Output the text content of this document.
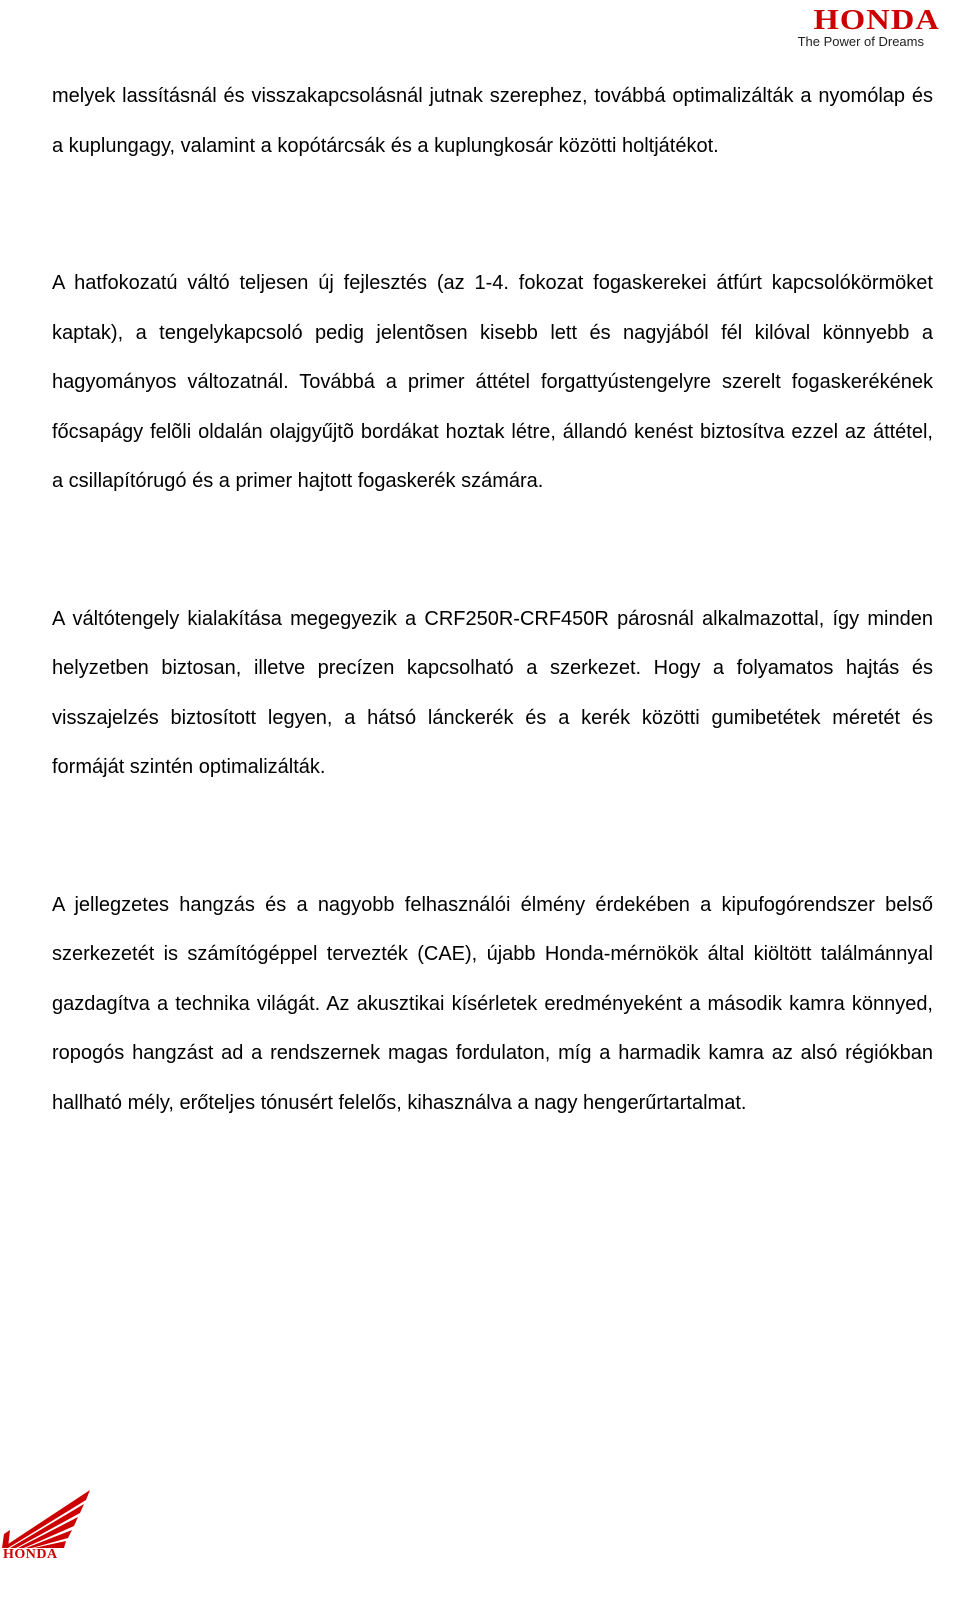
HONDA
The Power of Dreams

melyek lassításnál és visszakapcsolásnál jutnak szerephez, továbbá optimalizálták a nyomólap és a kuplungagy, valamint a kopótárcsák és a kuplungkosár közötti holtjátékot.

A hatfokozatú váltó teljesen új fejlesztés (az 1-4. fokozat fogaskerekei átfúrt kapcsolókörmöket kaptak), a tengelykapcsoló pedig jelentõsen kisebb lett és nagyjából fél kilóval könnyebb a hagyományos változatnál. Továbbá a primer áttétel forgattyústengelyre szerelt fogaskerékének főcsapágy felõli oldalán olajgyűjtõ bordákat hoztak létre, állandó kenést biztosítva ezzel az áttétel, a csillapítórugó és a primer hajtott fogaskerék számára.

A váltótengely kialakítása megegyezik a CRF250R-CRF450R párosnál alkalmazottal, így minden helyzetben biztosan, illetve precízen kapcsolható a szerkezet. Hogy a folyamatos hajtás és visszajelzés biztosított legyen, a hátsó lánckerék és a kerék közötti gumibetétek méretét és formáját szintén optimalizálták.

A jellegzetes hangzás és a nagyobb felhasználói élmény érdekében a kipufogórendszer belső szerkezetét is számítógéppel tervezték (CAE), újabb Honda-mérnökök által kiöltött találmánnyal gazdagítva a technika világát. Az akusztikai kísérletek eredményeként a második kamra könnyed, ropogós hangzást ad a rendszernek magas fordulaton, míg a harmadik kamra az alsó régiókban hallható mély, erőteljes tónusért felelős, kihasználva a nagy hengerűrtartalmat.

HONDA
